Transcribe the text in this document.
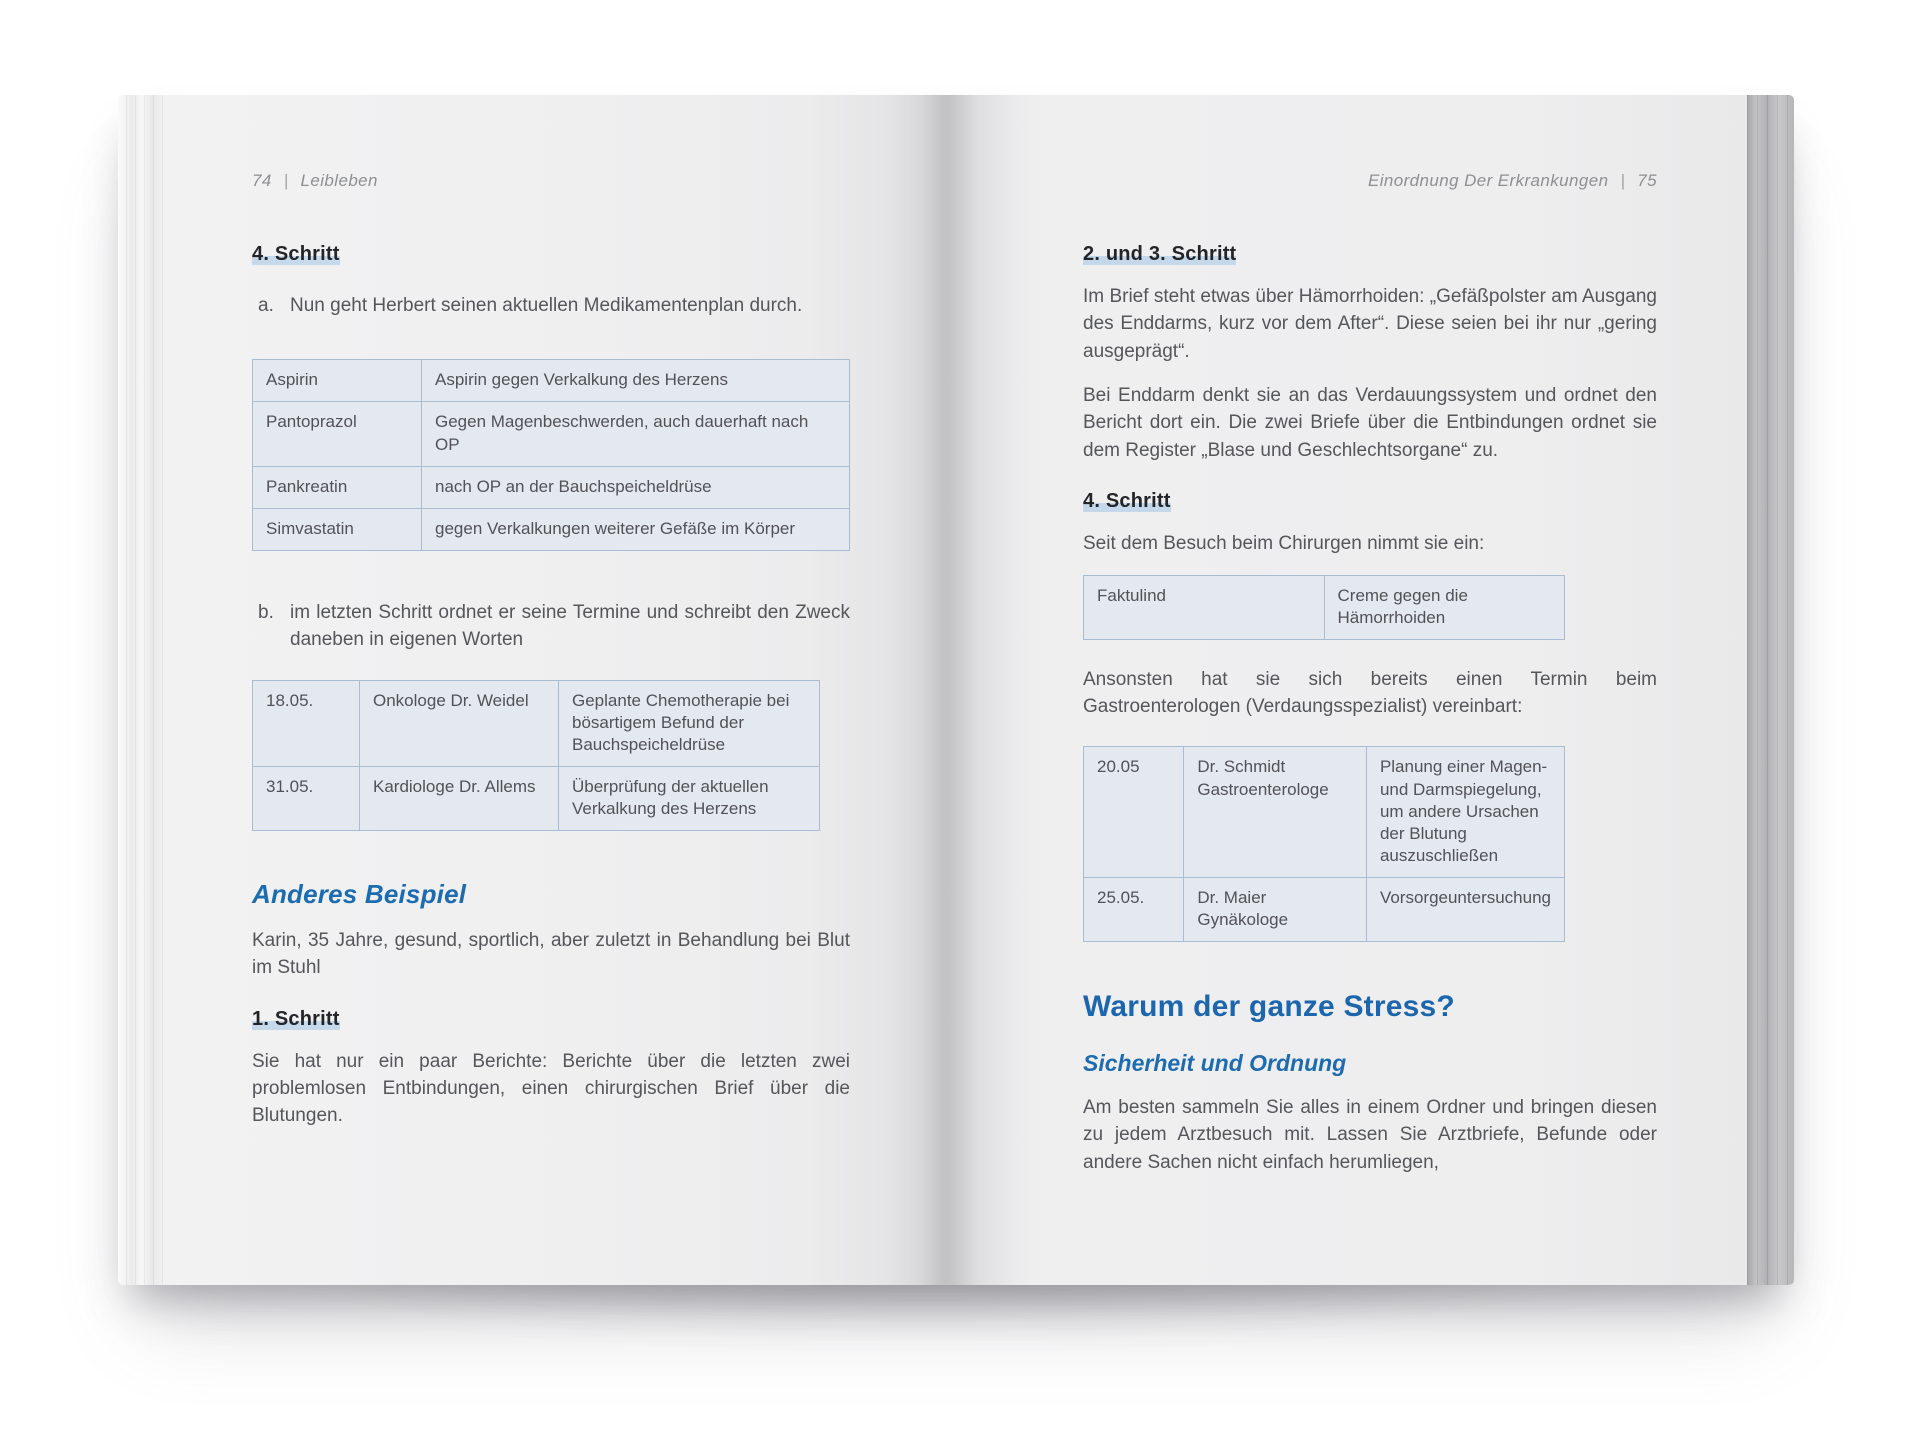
74 | Leibleben
4. Schritt
a. Nun geht Herbert seinen aktuellen Medikamentenplan durch.
Aspirin	Aspirin gegen Verkalkung des Herzens
Pantoprazol	Gegen Magenbeschwerden, auch dauerhaft nach OP
Pankreatin	nach OP an der Bauchspeicheldrüse
Simvastatin	gegen Verkalkungen weiterer Gefäße im Körper
b. im letzten Schritt ordnet er seine Termine und schreibt den Zweck daneben in eigenen Worten
18.05.	Onkologe Dr. Weidel	Geplante Chemotherapie bei bösartigem Befund der Bauchspeicheldrüse
31.05.	Kardiologe Dr. Allems	Überprüfung der aktuellen Verkalkung des Herzens
Anderes Beispiel
Karin, 35 Jahre, gesund, sportlich, aber zuletzt in Behandlung bei Blut im Stuhl
1. Schritt
Sie hat nur ein paar Berichte: Berichte über die letzten zwei problemlosen Entbindungen, einen chirurgischen Brief über die Blutungen.
Einordnung Der Erkrankungen | 75
2. und 3. Schritt
Im Brief steht etwas über Hämorrhoiden: „Gefäßpolster am Ausgang des Enddarms, kurz vor dem After“. Diese seien bei ihr nur „gering ausgeprägt“.
Bei Enddarm denkt sie an das Verdauungssystem und ordnet den Bericht dort ein. Die zwei Briefe über die Entbindungen ordnet sie dem Register „Blase und Geschlechtsorgane“ zu.
4. Schritt
Seit dem Besuch beim Chirurgen nimmt sie ein:
Faktulind	Creme gegen die Hämorrhoiden
Ansonsten hat sie sich bereits einen Termin beim Gastroenterologen (Verdaungsspezialist) vereinbart:
20.05	Dr. Schmidt Gastroenterologe	Planung einer Magen- und Darmspiegelung, um andere Ursachen der Blutung auszuschließen
25.05.	Dr. Maier Gynäkologe	Vorsorgeuntersuchung
Warum der ganze Stress?
Sicherheit und Ordnung
Am besten sammeln Sie alles in einem Ordner und bringen diesen zu jedem Arztbesuch mit. Lassen Sie Arztbriefe, Befunde oder andere Sachen nicht einfach herumliegen,
